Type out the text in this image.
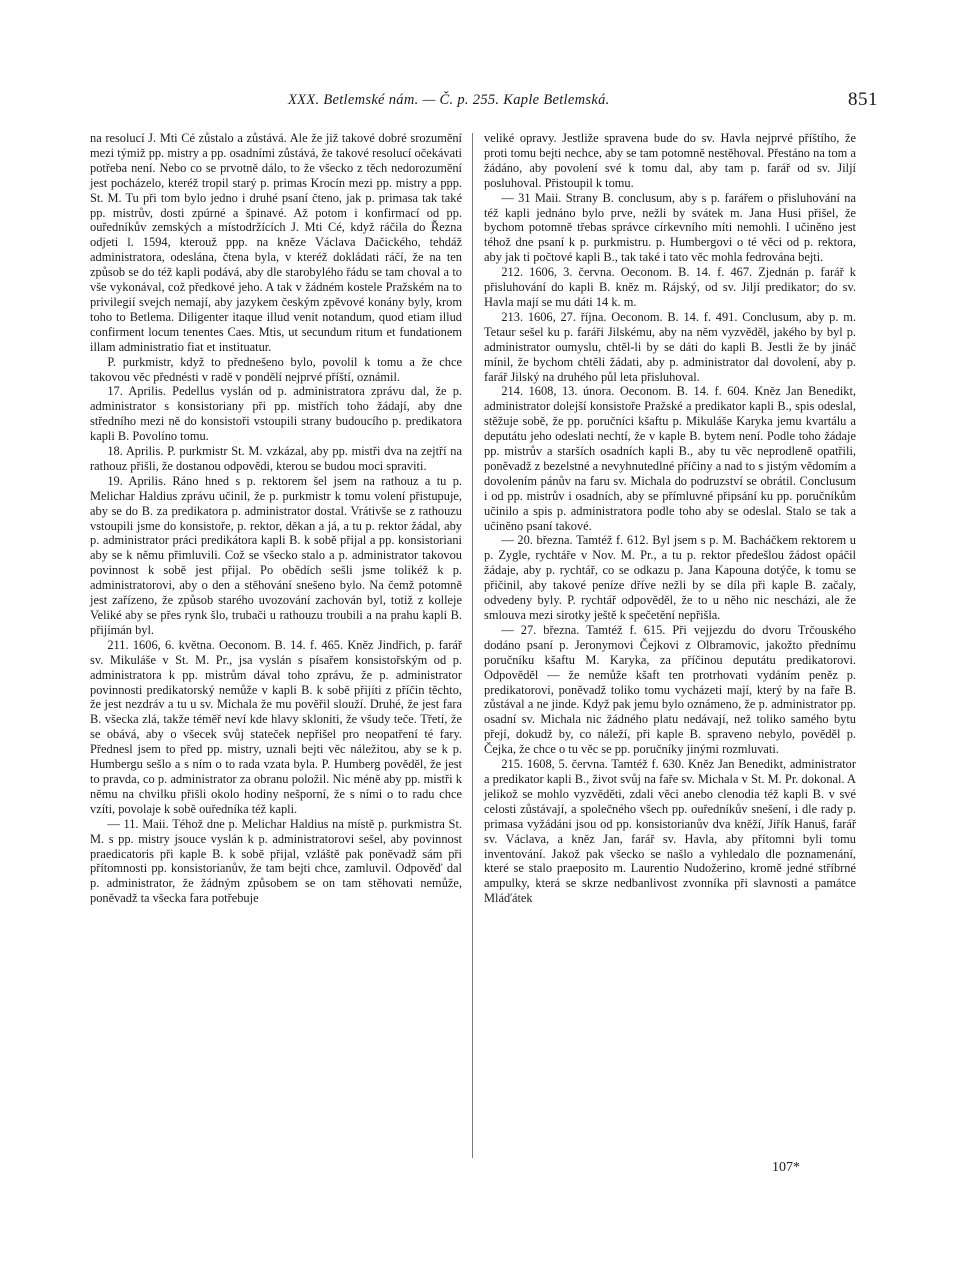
XXX. Betlemské nám. — Č. p. 255. Kaple Betlemská.	851

na resolucí J. Mti Cé zůstalo a zůstává. Ale že již takové dobré srozumění mezi týmiž pp. mistry a pp. osadními zůstává, že takové resolucí očekávati potřeba není. Nebo co se prvotně dálo, to že všecko z těch nedorozumění jest pocházelo, kteréž tropil starý p. primas Krocín mezi pp. mistry a ppp. St. M. Tu při tom bylo jedno i druhé psaní čteno, jak p. primasa tak také pp. mistrův, dosti zpúrné a špinavé. Až potom i konfirmací od pp. ouředníkův zemských a místodržících J. Mti Cé, když ráčila do Řezna odjeti l. 1594, kterouž ppp. na kněze Václava Dačického, tehdáž administratora, odeslána, čtena byla, v kteréž dokládati ráčí, že na ten způsob se do též kapli podává, aby dle starobylého řádu se tam choval a to vše vykonával, což předkové jeho. A tak v žádném kostele Pražském na to privilegií svejch nemají, aby jazykem českým zpěvové konány byly, krom toho to Betlema. Diligenter itaque illud venit notandum, quod etiam illud confirment locum tenentes Caes. Mtis, ut secundum ritum et fundationem illam administratio fiat et instituatur.

P. purkmistr, když to přednešeno bylo, povolil k tomu a že chce takovou věc přednésti v radě v pondělí nejprvé příští, oznámil.

17. Aprilis. Pedellus vyslán od p. administratora zprávu dal, že p. administrator s konsistoriany při pp. mistřích toho žádají, aby dne středního mezi ně do konsistoři vstoupili strany budoucího p. predikatora kapli B. Povolíno tomu.

18. Aprilis. P. purkmistr St. M. vzkázal, aby pp. mistři dva na zejtří na rathouz přišli, že dostanou odpovědi, kterou se budou moci spraviti.

19. Aprilis. Ráno hned s p. rektorem šel jsem na rathouz a tu p. Melichar Haldius zprávu učinil, že p. purkmistr k tomu volení přistupuje, aby se do B. za predikatora p. administrator dostal. Vrátivše se z rathouzu vstoupili jsme do konsistoře, p. rektor, děkan a já, a tu p. rektor žádal, aby p. administrator práci predikátora kapli B. k sobě přijal a pp. konsistoriani aby se k němu přimluvili. Což se všecko stalo a p. administrator takovou povinnost k sobě jest přijal. Po obědích sešli jsme tolikéž k p. administratorovi, aby o den a stěhování snešeno bylo. Na čemž potomně jest zařízeno, že způsob starého uvozování zachován byl, totiž z kolleje Veliké aby se přes rynk šlo, trubači u rathouzu troubili a na prahu kapli B. přijímán byl.

211. 1606, 6. května. Oeconom. B. 14. f. 465. Kněz Jindřich, p. farář sv. Mikuláše v St. M. Pr., jsa vyslán s písařem konsistořským od p. administratora k pp. mistrům dával toho zprávu, že p. administrator povinnosti predikatorský nemůže v kapli B. k sobě přijíti z příčin těchto, že jest nezdráv a tu u sv. Michala že mu pověřil slouží. Druhé, že jest fara B. všecka zlá, takže téměř neví kde hlavy skloniti, že všudy teče. Třetí, že se obává, aby o všecek svůj stateček nepřišel pro neopatření té fary. Přednesl jsem to před pp. mistry, uznali bejti věc náležitou, aby se k p. Humbergu sešlo a s ním o to rada vzata byla. P. Humberg pověděl, že jest to pravda, co p. administrator za obranu položil. Nic méně aby pp. mistři k němu na chvilku přišli okolo hodiny nešporní, že s ními o to radu chce vzíti, povolaje k sobě ouředníka též kapli.

— 11. Maii. Téhož dne p. Melichar Haldius na místě p. purkmistra St. M. s pp. mistry jsouce vyslán k p. administratorovi sešel, aby povinnost praedicatoris při kaple B. k sobě přijal, vzláště pak poněvadž sám při přítomnosti pp. konsistorianův, že tam bejti chce, zamluvil. Odpověď dal p. administrator, že žádným způsobem se on tam stěhovati nemůže, poněvadž ta všecka fara potřebuje

veliké opravy. Jestliže spravena bude do sv. Havla nejprvé příštího, že proti tomu bejti nechce, aby se tam potomně nestěhoval. Přestáno na tom a žádáno, aby povolení své k tomu dal, aby tam p. farář od sv. Jiljí posluhoval. Přistoupil k tomu.

— 31 Maii. Strany B. conclusum, aby s p. farářem o přisluhování na též kapli jednáno bylo prve, nežli by svátek m. Jana Husi přišel, že bychom potomně třebas správce církevního míti nemohli. I učiněno jest téhož dne psaní k p. purkmistru. p. Humbergovi o té věci od p. rektora, aby jak ti počtové kapli B., tak také i tato věc mohla fedrována bejti.

212. 1606, 3. června. Oeconom. B. 14. f. 467. Zjednán p. farář k přisluhování do kapli B. kněz m. Rájský, od sv. Jiljí predikator; do sv. Havla mají se mu dáti 14 k. m.

213. 1606, 27. října. Oeconom. B. 14. f. 491. Conclusum, aby p. m. Tetaur sešel ku p. faráři Jilskému, aby na něm vyzvěděl, jakého by byl p. administrator oumyslu, chtěl-li by se dáti do kapli B. Jestli že by jináč mínil, že bychom chtěli žádati, aby p. administrator dal dovolení, aby p. farář Jilský na druhého půl leta přisluhoval.

214. 1608, 13. února. Oeconom. B. 14. f. 604. Kněz Jan Benedikt, administrator dolejší konsistoře Pražské a predikator kapli B., spis odeslal, stěžuje sobě, že pp. poručníci kšaftu p. Mikuláše Karyka jemu kvartálu a deputátu jeho odeslati nechtí, že v kaple B. bytem není. Podle toho žádaje pp. mistrův a starších osadních kapli B., aby tu věc neprodleně opatřili, poněvadž z bezelstné a nevyhnutedlné příčiny a nad to s jistým vědomím a dovolením pánův na faru sv. Michala do podruzství se obrátil. Conclusum i od pp. mistrův i osadních, aby se přímluvné připsání ku pp. poručníkům učinilo a spis p. administratora podle toho aby se odeslal. Stalo se tak a učiněno psaní takové.

— 20. března. Tamtéž f. 612. Byl jsem s p. M. Bacháčkem rektorem u p. Zygle, rychtáře v Nov. M. Pr., a tu p. rektor předešlou žádost opáčil žádaje, aby p. rychtář, co se odkazu p. Jana Kapouna dotýče, k tomu se přičinil, aby takové peníze dříve nežli by se díla při kaple B. začaly, odvedeny byly. P. rychtář odpověděl, že to u něho nic nescházi, ale že smlouva mezi sirotky ještě k spečetění nepřišla.

— 27. března. Tamtéž f. 615. Při vejjezdu do dvoru Trčouského dodáno psaní p. Jeronymovi Čejkovi z Olbramovic, jakožto přednímu poručníku kšaftu M. Karyka, za příčinou deputátu predikatorovi. Odpověděl — že nemůže kšaft ten protrhovati vydáním peněz p. predikatorovi, poněvadž toliko tomu vycházeti mají, který by na faře B. zůstával a ne jinde. Když pak jemu bylo oznámeno, že p. administrator pp. osadní sv. Michala nic žádného platu nedávají, než toliko samého bytu přejí, dokudž by, co náleží, při kaple B. spraveno nebylo, pověděl p. Čejka, že chce o tu věc se pp. poručníky jinými rozmluvati.

215. 1608, 5. června. Tamtéž f. 630. Kněz Jan Benedikt, administrator a predikator kapli B., život svůj na faře sv. Michala v St. M. Pr. dokonal. A jelikož se mohlo vyzvěděti, zdali věci anebo clenodia též kapli B. v své celosti zůstávají, a společného všech pp. ouředníkův snešení, i dle rady p. primasa vyžádáni jsou od pp. konsistorianův dva kněží, Jiřík Hanuš, farář sv. Václava, a kněz Jan, farář sv. Havla, aby přítomni byli tomu inventování. Jakož pak všecko se našlo a vyhledalo dle poznamenání, které se stalo praeposito m. Laurentio Nudožerino, kromě jedné stříbrné ampulky, která se skrze nedbanlivost zvonníka při slavnosti a památce Mláďátek

107*
